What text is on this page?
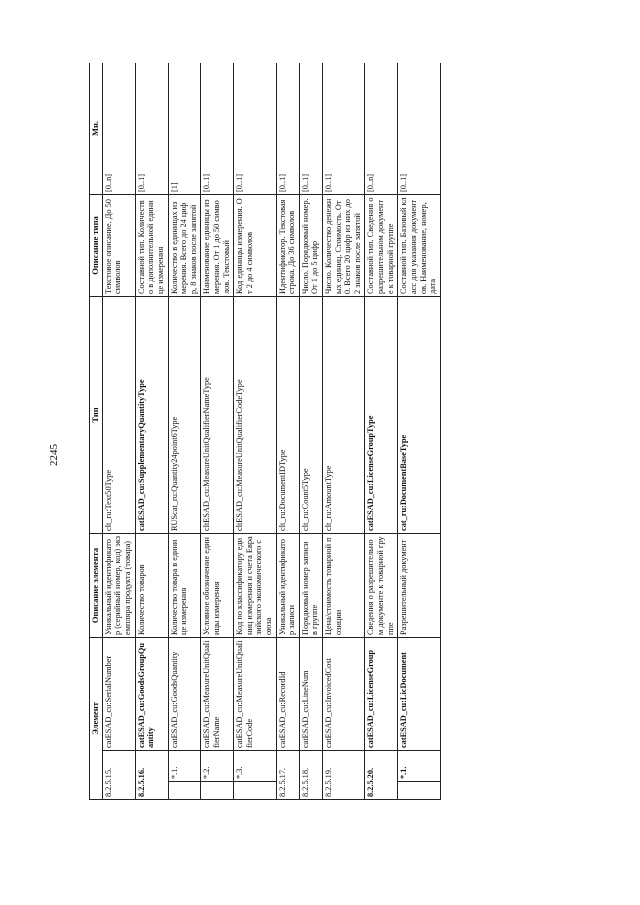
2245
Элемент			Описание элемента	Тип	Описание типа	Мн.
8.2.5.15.		catESAD_cu:SerialNumber	Уникальный идентификатор (серийный номер, код) экземпляра продукта (товара)	clt_ru:Text50Type	Текстовое описание. До 50 символов	[0..n]
8.2.5.16.		catESAD_cu:GoodsGroupQuantity	Количество товаров	catESAD_cu:SupplementaryQuantityType	Составной тип. Количество в дополнительной единице измерения	[0..1]
	*.1.	catESAD_cu:GoodsQuantity	Количество товара в единице измерения	RUScat_ru:Quantity24point6Type	Количество в единицах измерения. Всего до 24 цифр, 8 знаков после запятой	[1]
	*.2.	catESAD_cu:MeasureUnitQualifierName	Условное обозначение единицы измерения	cltESAD_cu:MeasureUnitQualifierNameType	Наименование единицы измерения. От 1 до 50 символов. Текстовый	[0..1]
	*.3.	catESAD_cu:MeasureUnitQualifierCode	Код по классификатору единиц измерения и счета Евразийского экономического союза	cltESAD_cu:MeasureUnitQualifierCodeType	Код единицы измерения. От 2 до 4 символов	[0..1]
8.2.5.17.		catESAD_cu:RecordId	Уникальный идентификатор записи	clt_ru:DocumentIDType	Идентификатор. Текстовая строка. До 36 символов	[0..1]
8.2.5.18.		catESAD_cu:LineNum	Порядковый номер записи в группе	clt_ru:Count5Type	Число. Порядковый номер. От 1 до 5 цифр	[0..1]
8.2.5.19.		catESAD_cu:InvoicedCost	Цена/стоимость товарной позиции	clt_ru:AmountType	Число. Количество денежных единиц. Стоимость. От 0. Всего 20 цифр из них до 2 знаков после запятой	[0..1]
8.2.5.20.		catESAD_cu:LicenseGroup	Сведения о разрешительном документе к товарной группе	catESAD_cu:LicenseGroupType	Составной тип. Сведения о разрешительном документе к товарной группе	[0..n]
	*.1.	catESAD_cu:LicDocument	Разрешительный документ	cat_ru:DocumentBaseType	Составной тип. Базовый класс для указания документов. Наименование, номер, дата	[0..1]
